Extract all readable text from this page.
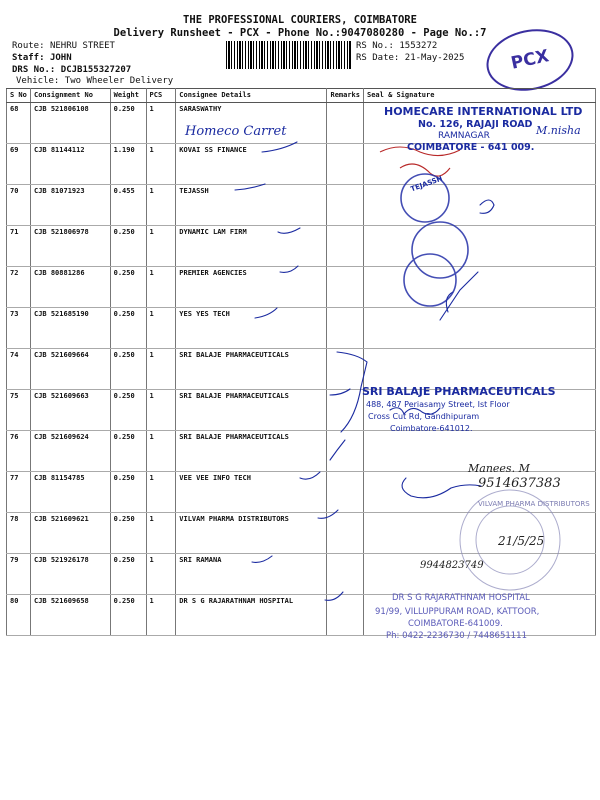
THE PROFESSIONAL COURIERS, COIMBATORE
Delivery Runsheet - PCX - Phone No.:9047080280 - Page No.:7
Route: NEHRU STREET
Staff: JOHN
DRS No.: DCJB155327207
Vehicle: Two Wheeler Delivery
RS No.: 1553272
RS Date: 21-May-2025	PCX
S No	Consignment No	Weight	PCS	Consignee Details	Remarks	Seal & Signature
68	CJB 521806108	0.250	1	SARASWATHY		
69	CJB 81144112	1.190	1	KOVAI SS FINANCE		
70	CJB 81071923	0.455	1	TEJASSH		
71	CJB 521806978	0.250	1	DYNAMIC LAM FIRM		
72	CJB 80881286	0.250	1	PREMIER AGENCIES		
73	CJB 521685190	0.250	1	YES YES TECH		
74	CJB 521609664	0.250	1	SRI BALAJE PHARMACEUTICALS		
75	CJB 521609663	0.250	1	SRI BALAJE PHARMACEUTICALS		
76	CJB 521609624	0.250	1	SRI BALAJE PHARMACEUTICALS		
77	CJB 81154785	0.250	1	VEE VEE INFO TECH		
78	CJB 521609621	0.250	1	VILVAM PHARMA DISTRIBUTORS		
79	CJB 521926178	0.250	1	SRI RAMANA		
80	CJB 521609658	0.250	1	DR S G RAJARATHNAM HOSPITAL		
HOMECARE INTERNATIONAL LTD
No. 126, RAJAJI ROAD
RAMNAGAR
COIMBATORE - 641 009.
Homeco Carret	M.nisha
TEJASSH
SRI BALAJE PHARMACEUTICALS
488, 487 Periasamy Street, Ist Floor
Cross Cut Rd, Gandhipuram
Coimbatore-641012.
Manees. M
9514637383
VILVAM PHARMA DISTRIBUTORS
21/5/25
9944823749
DR S G RAJARATHNAM HOSPITAL
91/99, VILLUPPURAM ROAD, KATTOOR,
COIMBATORE-641009.
Ph: 0422-2236730 / 7448651111
